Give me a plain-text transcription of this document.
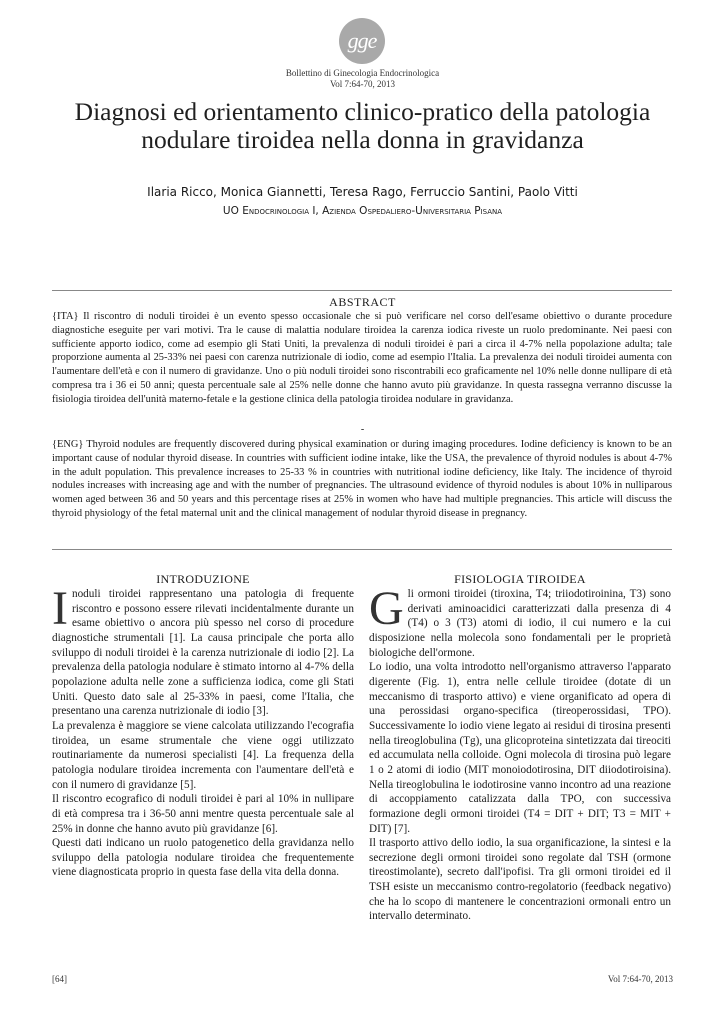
gge
Bollettino di Ginecologia Endocrinologica
Vol 7:64-70, 2013
Diagnosi ed orientamento clinico-pratico della patologia nodulare tiroidea nella donna in gravidanza
Ilaria Ricco, Monica Giannetti, Teresa Rago, Ferruccio Santini, Paolo Vitti
UO Endocrinologia I, Azienda Ospedaliero-Universitaria Pisana
ABSTRACT

{ITA} Il riscontro di noduli tiroidei è un evento spesso occasionale che si può verificare nel corso dell'esame obiettivo o durante procedure diagnostiche eseguite per vari motivi. Tra le cause di malattia nodulare tiroidea la carenza iodica riveste un ruolo predominante. Nei paesi con sufficiente apporto iodico, come ad esempio gli Stati Uniti, la prevalenza di noduli tiroidei è pari a circa il 4-7% nella popolazione adulta; tale proporzione aumenta al 25-33% nei paesi con carenza nutrizionale di iodio, come ad esempio l'Italia. La prevalenza dei noduli tiroidei aumenta con l'aumentare dell'età e con il numero di gravidanze. Uno o più noduli tiroidei sono riscontrabili eco graficamente nel 10% nelle donne nullipare di età compresa tra i 36 ei 50 anni; questa percentuale sale al 25% nelle donne che hanno avuto più gravidanze. In questa rassegna verranno discusse la fisiologia tiroidea dell'unità materno-fetale e la gestione clinica della patologia tiroidea nodulare in gravidanza.

-

{ENG} Thyroid nodules are frequently discovered during physical examination or during imaging procedures. Iodine deficiency is known to be an important cause of nodular thyroid disease. In countries with sufficient iodine intake, like the USA, the prevalence of thyroid nodules is about 4-7% in the adult population. This prevalence increases to 25-33 % in countries with nutritional iodine deficiency, like Italy. The incidence of thyroid nodules increases with increasing age and with the number of pregnancies. The ultrasound evidence of thyroid nodules is about 10% in nulliparous women aged between 36 and 50 years and this percentage rises at 25% in women who have had multiple pregnancies. This article will discuss the thyroid physiology of the fetal maternal unit and the clinical management of nodular thyroid disease in pregnancy.

INTRODUZIONE

Inoduli tiroidei rappresentano una patologia di frequente riscontro e possono essere rilevati incidentalmente durante un esame obiettivo o ancora più spesso nel corso di procedure diagnostiche strumentali [1]. La causa principale che porta allo sviluppo di noduli tiroidei è la carenza nutrizionale di iodio [2]. La prevalenza della patologia nodulare è stimato intorno al 4-7% della popolazione adulta nelle zone a sufficienza iodica, come gli Stati Uniti. Questo dato sale al 25-33% in paesi, come l'Italia, che presentano una carenza nutrizionale di iodio [3].

La prevalenza è maggiore se viene calcolata utilizzando l'ecografia tiroidea, un esame strumentale che viene oggi utilizzato routinariamente da numerosi specialisti [4]. La frequenza della patologia nodulare tiroidea incrementa con l'aumentare dell'età e con il numero di gravidanze [5].

Il riscontro ecografico di noduli tiroidei è pari al 10% in nullipare di età compresa tra i 36-50 anni mentre questa percentuale sale al 25% in donne che hanno avuto più gravidanze [6].

Questi dati indicano un ruolo patogenetico della gravidanza nello sviluppo della patologia nodulare tiroidea che frequentemente viene diagnosticata proprio in questa fase della vita della donna.

FISIOLOGIA TIROIDEA

Gli ormoni tiroidei (tiroxina, T4; triiodotiroinina, T3) sono derivati aminoacidici caratterizzati dalla presenza di 4 (T4) o 3 (T3) atomi di iodio, il cui numero e la cui disposizione nella molecola sono fondamentali per le proprietà biologiche dell'ormone.

Lo iodio, una volta introdotto nell'organismo attraverso l'apparato digerente (Fig. 1), entra nelle cellule tiroidee (dotate di un meccanismo di trasporto attivo) e viene organificato ad opera di una perossidasi organo-specifica (tireoperossidasi, TPO). Successivamente lo iodio viene legato ai residui di tirosina presenti nella tireoglobulina (Tg), una glicoproteina sintetizzata dai tireociti ed accumulata nella colloide. Ogni molecola di tirosina può legare 1 o 2 atomi di iodio (MIT monoiodotirosina, DIT diiodotiroisina). Nella tireoglobulina le iodotirosine vanno incontro ad una reazione di accoppiamento catalizzata dalla TPO, con successiva formazione degli ormoni tiroidei (T4 = DIT + DIT; T3 = MIT + DIT) [7].

Il trasporto attivo dello iodio, la sua organificazione, la sintesi e la secrezione degli ormoni tiroidei sono regolate dal TSH (ormone tireostimolante), secreto dall'ipofisi. Tra gli ormoni tiroidei ed il TSH esiste un meccanismo contro-regolatorio (feedback negativo) che ha lo scopo di mantenere le concentrazioni ormonali entro un intervallo determinato.

[64]	Vol 7:64-70, 2013
